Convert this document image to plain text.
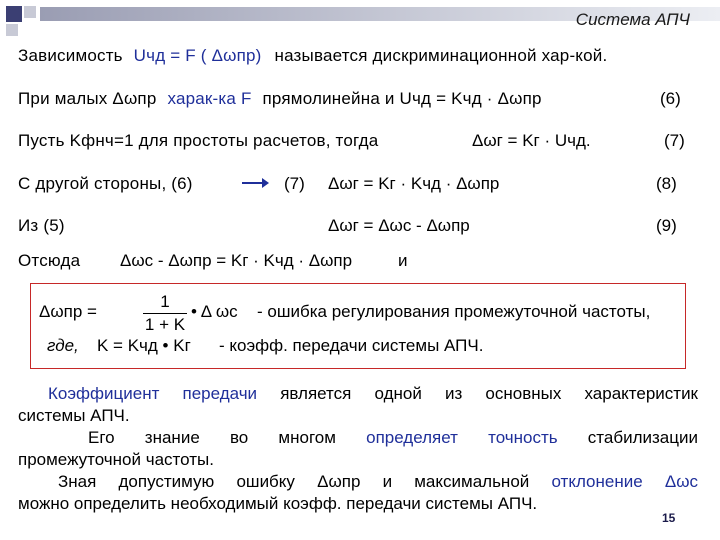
Система АПЧ
Зависимость Uчд = F ( Δωпр) называется дискриминационной хар-кой.
При малых Δωпр харак-ка F прямолинейна и Uчд = Kчд · Δωпр	(6)
Пусть Kфнч=1 для простоты расчетов, тогда	Δωг = Kг · Uчд.	(7)
С другой стороны, (6)	(7) Δωг = Kг · Kчд · Δωпр	(8)
Из (5)	Δωг = Δωс - Δωпр	(9)
Отсюда Δωс - Δωпр = Kг · Kчд · Δωпр	и
Δωпр =
1
1 + K
• Δ ωс - ошибка регулирования промежуточной частоты,
где, K = Kчд • Kг - коэфф. передачи системы АПЧ.
Коэффициент передачи является одной из основных характеристик
системы АПЧ.
Его знание во многом определяет точность стабилизации
промежуточной частоты.
Зная допустимую ошибку Δωпр и максимальной отклонение Δωс
можно определить необходимый коэфф. передачи системы АПЧ.
15
